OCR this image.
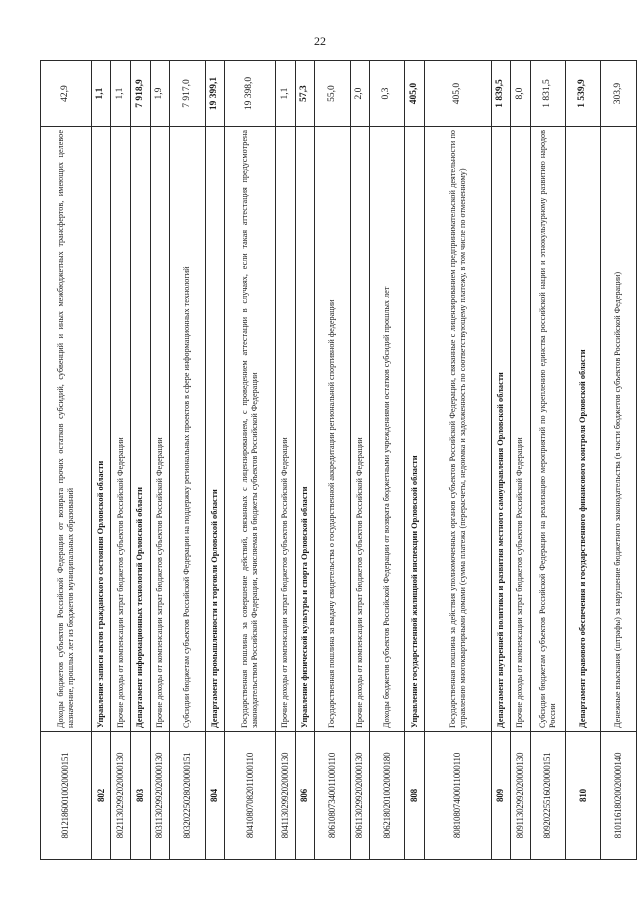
22
80121860010020000151	Доходы бюджетов субъектов Российской Федерации от возврата прочих остатков субсидий, субвенций и иных межбюджетных трансфертов, имеющих целевое назначение, прошлых лет из бюджетов муниципальных образований	42,9
802	Управление записи актов гражданского состояния Орловской области	1,1
80211302992020000130	Прочие доходы от компенсации затрат бюджетов субъектов Российской Федерации	1,1
803	Департамент информационных технологий Орловской области	7 918,9
80311302992020000130	Прочие доходы от компенсации затрат бюджетов субъектов Российской Федерации	1,9
80320225028020000151	Субсидии бюджетам субъектов Российской Федерации на поддержку региональных проектов в сфере информационных технологий	7 917,0
804	Департамент промышленности и торговли Орловской области	19 399,1
80410807082011000110	Государственная пошлина за совершение действий, связанных с лицензированием, с проведением аттестации в случаях, если такая аттестация предусмотрена законодательством Российской Федерации, зачисляемая в бюджеты субъектов Российской Федерации	19 398,0
80411302992020000130	Прочие доходы от компенсации затрат бюджетов субъектов Российской Федерации	1,1
806	Управление физической культуры и спорта Орловской области	57,3
80610807340011000110	Государственная пошлина за выдачу свидетельства о государственной аккредитации региональной спортивной федерации	55,0
80611302992020000130	Прочие доходы от компенсации затрат бюджетов субъектов Российской Федерации	2,0
80621802010020000180	Доходы бюджетов субъектов Российской Федерации от возврата бюджетными учреждениями остатков субсидий прошлых лет	0,3
808	Управление государственной жилищной инспекции Орловской области	405,0
80810807400011000110	Государственная пошлина за действия уполномоченных органов субъектов Российской Федерации, связанные с лицензированием предпринимательской деятельности по управлению многоквартирными домами (сумма платежа (перерасчеты, недоимка и задолженность по соответствующему платежу, в том числе по отмененному)	405,0
809	Департамент внутренней политики и развития местного самоуправления Орловской области	1 839,5
80911302992020000130	Прочие доходы от компенсации затрат бюджетов субъектов Российской Федерации	8,0
80920225516020000151	Субсидии бюджетам субъектов Российской Федерации на реализацию мероприятий по укреплению единства российской нации и этнокультурному развитию народов России	1 831,5
810	Департамент правового обеспечения и государственного финансового контроля Орловской области	1 539,9
81011618020020000140	Денежные взыскания (штрафы) за нарушение бюджетного законодательства (в части бюджетов субъектов Российской Федерации)	303,9
